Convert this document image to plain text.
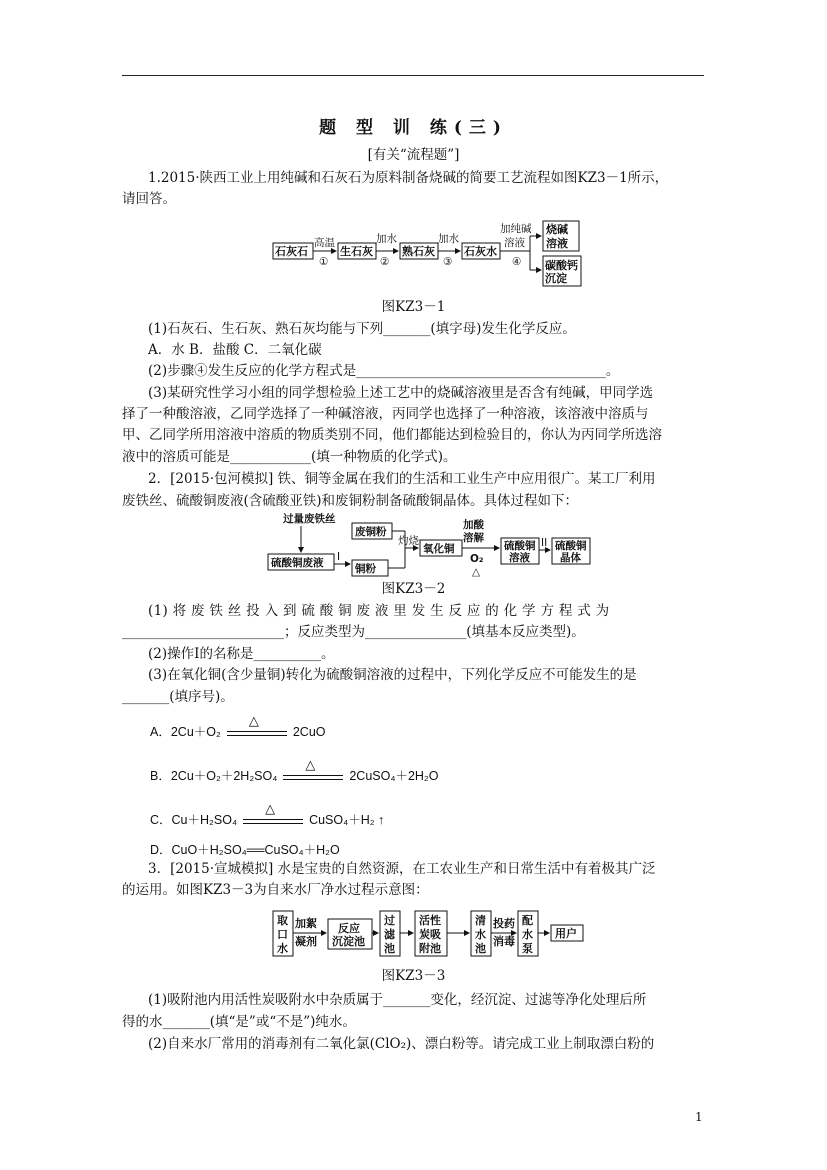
题 型 训 练(三)
[有关“流程题”]
1.2015·陕西工业上用纯碱和石灰石为原料制备烧碱的简要工艺流程如图KZ3－1所示，
请回答。
石灰石	生石灰	熟石灰	石灰水
烧碱
溶液
碳酸钙
沉淀
高温
①
加水
②
加水
③
加纯碱
溶液
④
图KZ3－1
(1)石灰石、生石灰、熟石灰均能与下列_______(填字母)发生化学反应。
A．水 B．盐酸 C．二氧化碳
(2)步骤④发生反应的化学方程式是_____________________________________。
(3)某研究性学习小组的同学想检验上述工艺中的烧碱溶液里是否含有纯碱，甲同学选
择了一种酸溶液，乙同学选择了一种碱溶液，丙同学也选择了一种溶液，该溶液中溶质与
甲、乙同学所用溶液中溶质的物质类别不同，他们都能达到检验目的，你认为丙同学所选溶
液中的溶质可能是____________(填一种物质的化学式)。
2．[2015·包河模拟] 铁、铜等金属在我们的生活和工业生产中应用很广。某工厂利用
废铁丝、硫酸铜废液(含硫酸亚铁)和废铜粉制备硫酸铜晶体。具体过程如下：
过量废铁丝
硫酸铜废液	铜粉
废铜粉
氧化铜	硫酸铜
溶液
硫酸铜
晶体
I
灼烧
加酸
溶解
O₂
△
II
图KZ3－2
(1) 将 废 铁 丝 投 入 到 硫 酸 铜 废 液 里 发 生 反 应 的 化 学 方 程 式 为
________________________；反应类型为_______________(填基本反应类型)。
(2)操作Ⅰ的名称是__________。
(3)在氧化铜(含少量铜)转化为硫酸铜溶液的过程中，下列化学反应不可能发生的是
_______(填序号)。
A．2Cu＋O₂
△
2CuO
B．2Cu＋O₂＋2H₂SO₄
△
2CuSO₄＋2H₂O
C．Cu＋H₂SO₄
△
CuSO₄＋H₂ ↑
D．CuO＋H₂SO₄══CuSO₄＋H₂O
3．[2015·宣城模拟] 水是宝贵的自然资源，在工农业生产和日常生活中有着极其广泛
的运用。如图KZ3－3为自来水厂净水过程示意图：
取
口
水
加絮
凝剂
反应
沉淀池
过
滤
池
活性
炭吸
附池
清
水
池
投药
消毒
配
水
泵
用户
图KZ3－3
(1)吸附池内用活性炭吸附水中杂质属于_______变化，经沉淀、过滤等净化处理后所
得的水_______(填“是”或“不是”)纯水。
(2)自来水厂常用的消毒剂有二氧化氯(ClO₂)、漂白粉等。请完成工业上制取漂白粉的
1
